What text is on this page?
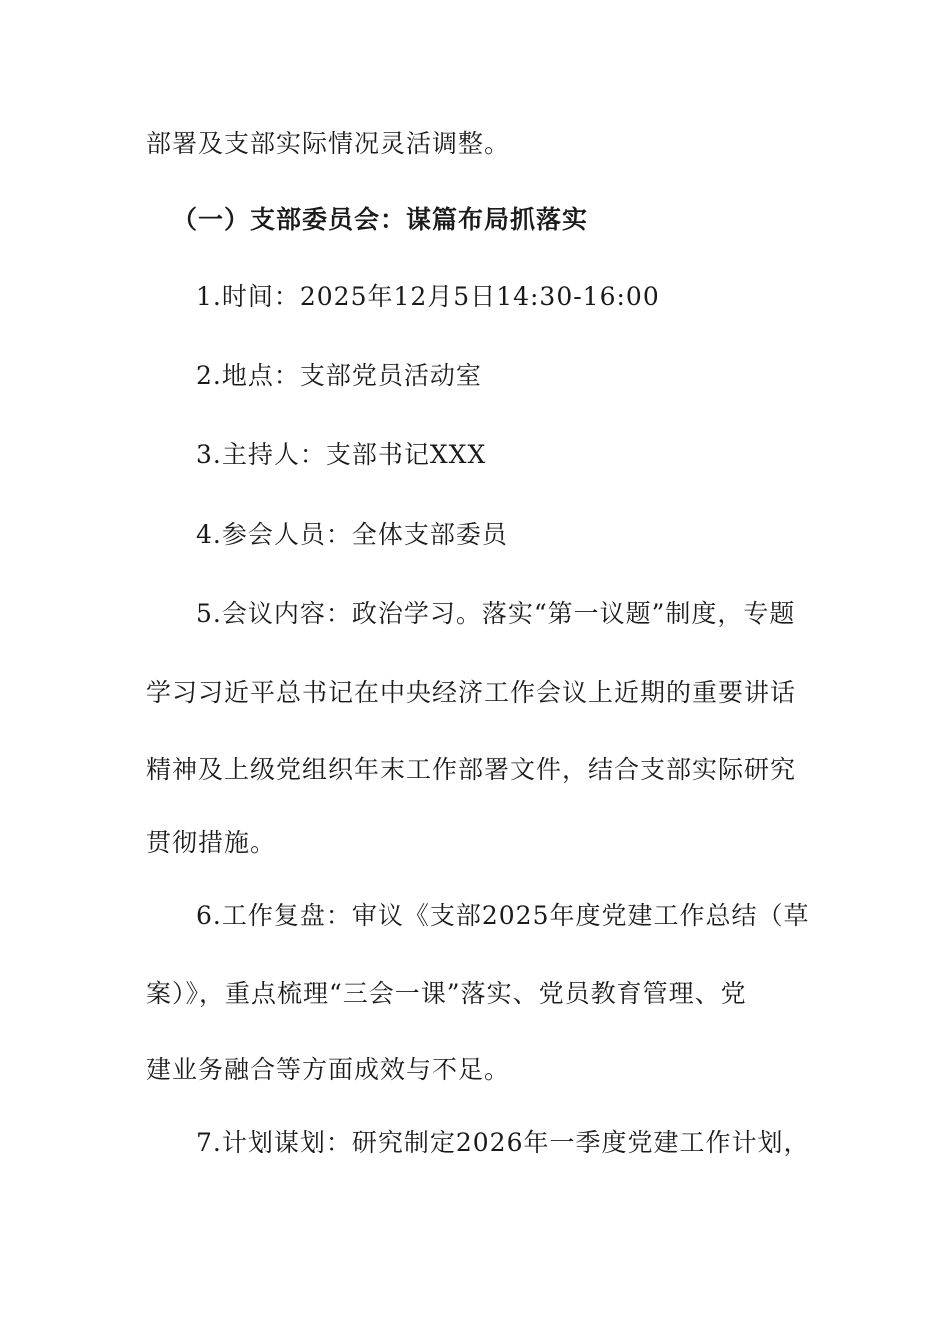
部署及支部实际情况灵活调整。
（一）支部委员会：谋篇布局抓落实
1.时间：2025年12月5日14:30-16:00
2.地点：支部党员活动室
3.主持人：支部书记XXX
4.参会人员：全体支部委员
5.会议内容：政治学习。落实“第一议题”制度，专题
学习习近平总书记在中央经济工作会议上近期的重要讲话
精神及上级党组织年末工作部署文件，结合支部实际研究
贯彻措施。
6.工作复盘：审议《支部2025年度党建工作总结（草
案）》，重点梳理“三会一课”落实、党员教育管理、党
建业务融合等方面成效与不足。
7.计划谋划：研究制定2026年一季度党建工作计划，
